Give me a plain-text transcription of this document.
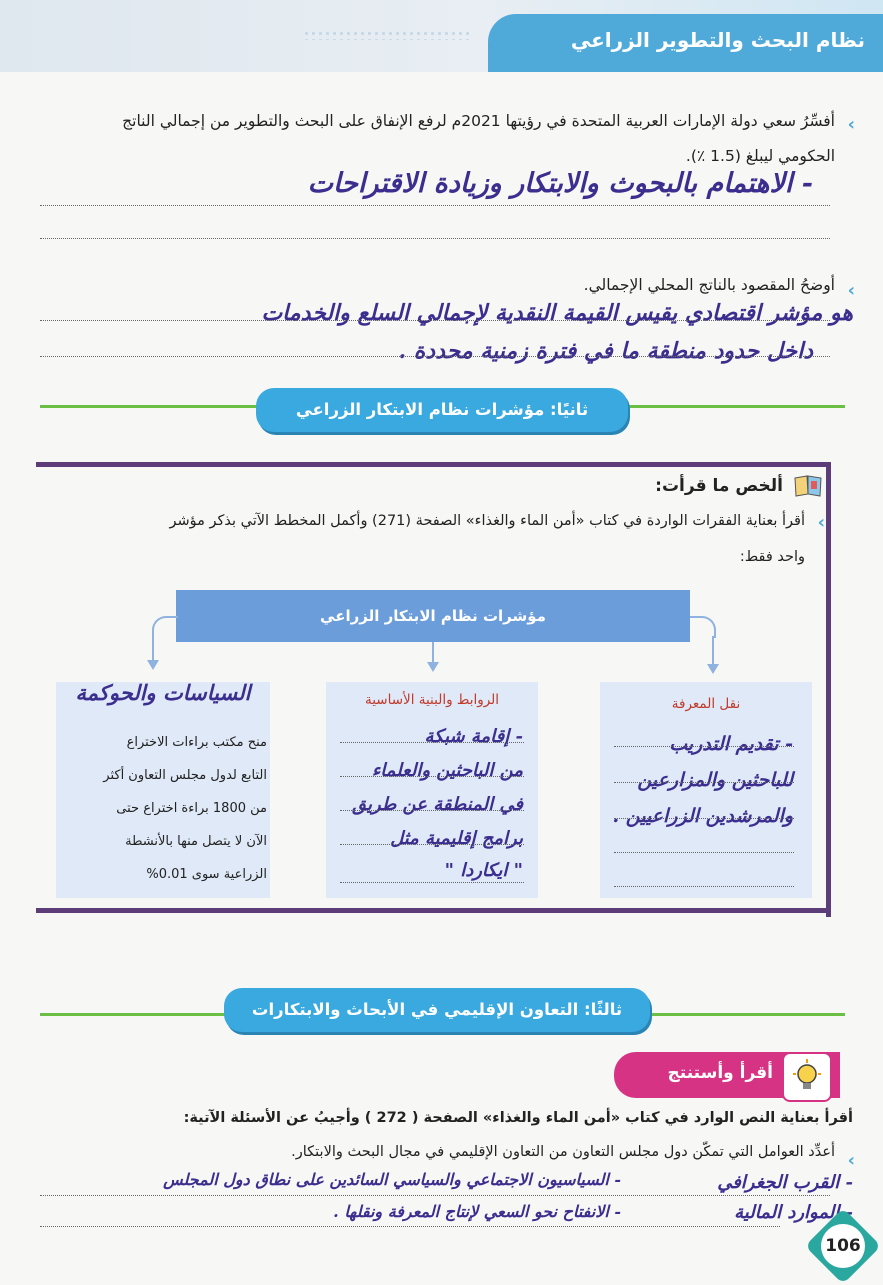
نظام البحث والتطوير الزراعي
‹
أفسِّرُ سعي دولة الإمارات العربية المتحدة في رؤيتها 2021م لرفع الإنفاق على البحث والتطوير من إجمالي الناتج
الحكومي ليبلغ (1.5 ٪).
- الاهتمام بالبحوث والابتكار وزيادة الاقتراحات
‹
أوضحُ المقصود بالناتج المحلي الإجمالي.
هو مؤشر اقتصادي يقيس القيمة النقدية لإجمالي السلع والخدمات
داخل حدود منطقة ما في فترة زمنية محددة .
ثانيًا: مؤشرات نظام الابتكار الزراعي
ألخص ما قرأت:
‹
أقرأ بعناية الفقرات الواردة في كتاب «أمن الماء والغذاء» الصفحة (271) وأكمل المخطط الآتي بذكر مؤشر
واحد فقط:
مؤشرات نظام الابتكار الزراعي
نقل المعرفة
- تقديم التدريب
للباحثين والمزارعين
والمرشدين الزراعيين .
الروابط والبنية الأساسية
- إقامة شبكة
من الباحثين والعلماء
في المنطقة عن طريق
برامج إقليمية مثل
" ايكاردا "
السياسات والحوكمة
منح مكتب براءات الاختراع
التابع لدول مجلس التعاون أكثر
من 1800 براءة اختراع حتى
الآن لا يتصل منها بالأنشطة
الزراعية سوى 0.01%
ثالثًا: التعاون الإقليمي في الأبحاث والابتكارات
أقرأ وأستنتج
أقرأ بعناية النص الوارد في كتاب «أمن الماء والغذاء» الصفحة ( 272 ) وأجيبُ عن الأسئلة الآتية:
‹
أعدِّد العوامل التي تمكّن دول مجلس التعاون من التعاون الإقليمي في مجال البحث والابتكار.
- القرب الجغرافي
- السياسيون الاجتماعي والسياسي السائدين على نطاق دول المجلس
- الموارد المالية
- الانفتاح نحو السعي لإنتاج المعرفة ونقلها .
106
